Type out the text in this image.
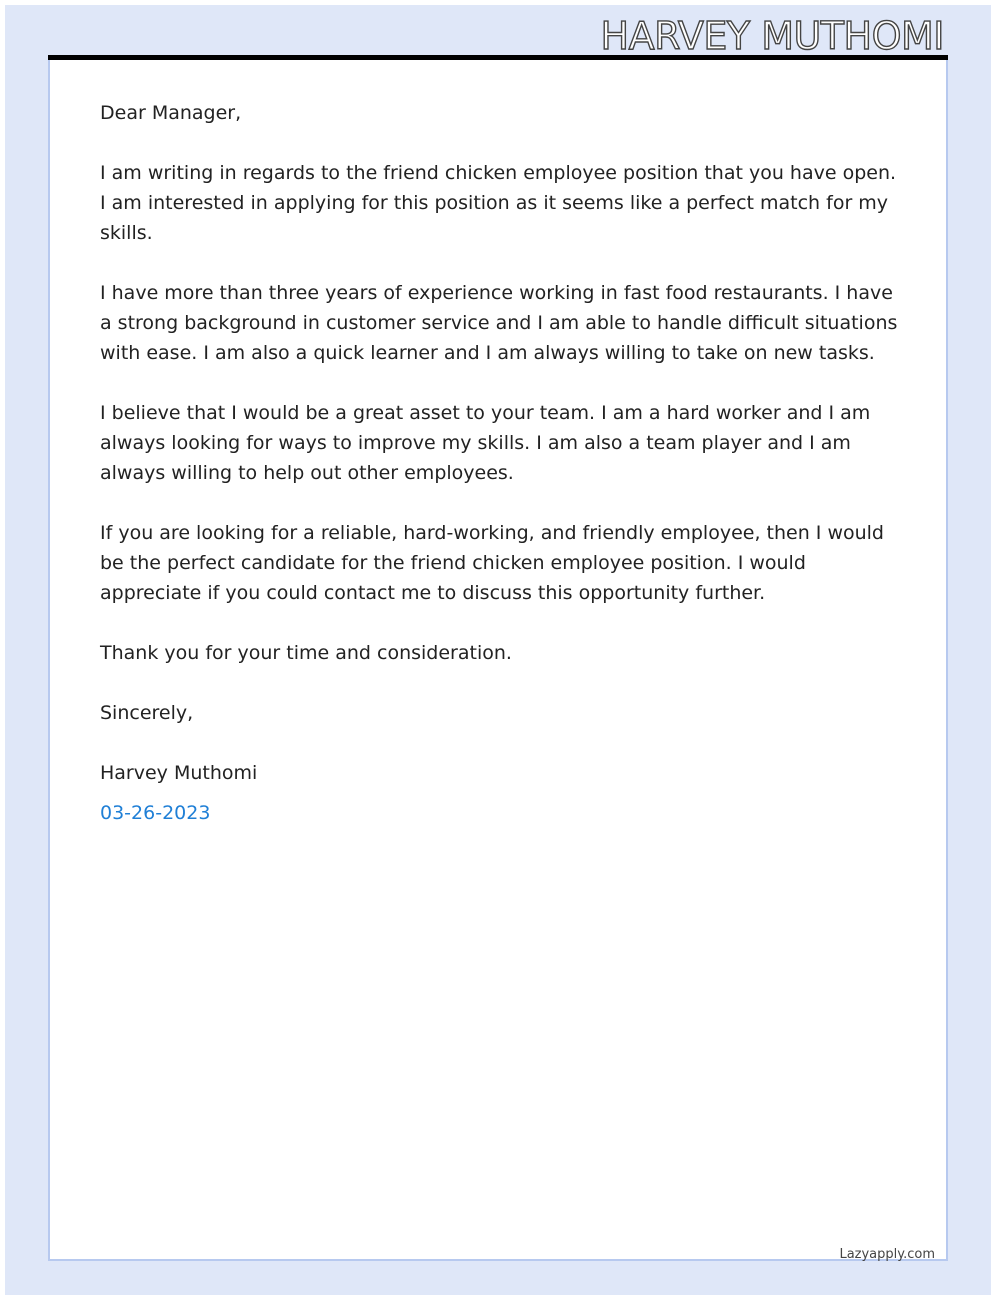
HARVEY MUTHOMI

Dear Manager,

I am writing in regards to the friend chicken employee position that you have open. I am interested in applying for this position as it seems like a perfect match for my skills.

I have more than three years of experience working in fast food restaurants. I have a strong background in customer service and I am able to handle difficult situations with ease. I am also a quick learner and I am always willing to take on new tasks.

I believe that I would be a great asset to your team. I am a hard worker and I am always looking for ways to improve my skills. I am also a team player and I am always willing to help out other employees.

If you are looking for a reliable, hard-working, and friendly employee, then I would be the perfect candidate for the friend chicken employee position. I would appreciate if you could contact me to discuss this opportunity further.

Thank you for your time and consideration.

Sincerely,

Harvey Muthomi

03-26-2023

Lazyapply.com
